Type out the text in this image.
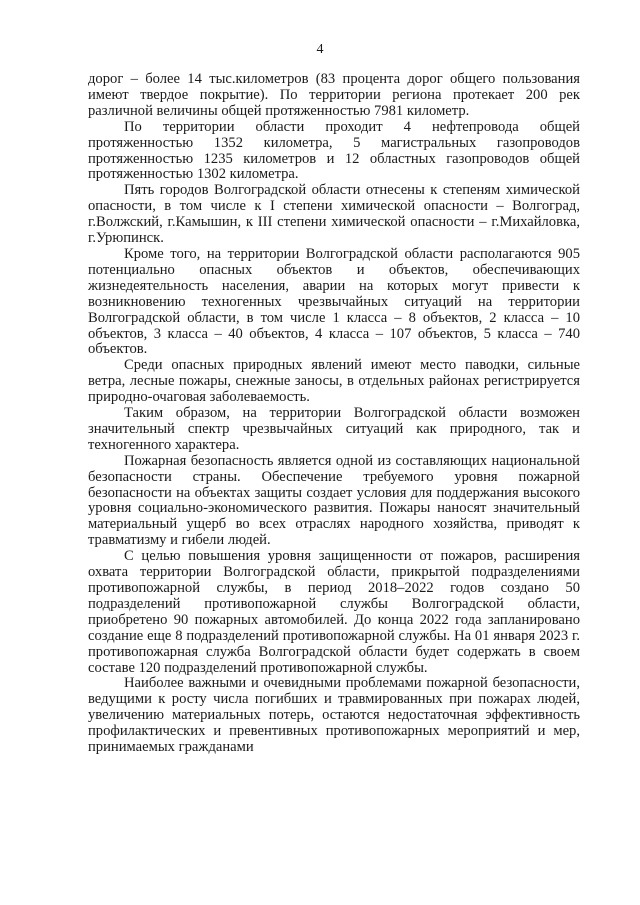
4

дорог – более 14 тыс.километров (83 процента дорог общего пользования имеют твердое покрытие). По территории региона протекает 200 рек различной величины общей протяженностью 7981 километр.

По территории области проходит 4 нефтепровода общей протяженностью 1352 километра, 5 магистральных газопроводов протяженностью 1235 километров и 12 областных газопроводов общей протяженностью 1302 километра.

Пять городов Волгоградской области отнесены к степеням химической опасности, в том числе к I степени химической опасности – Волгоград, г.Волжский, г.Камышин, к III степени химической опасности – г.Михайловка, г.Урюпинск.

Кроме того, на территории Волгоградской области располагаются 905 потенциально опасных объектов и объектов, обеспечивающих жизнедеятельность населения, аварии на которых могут привести к возникновению техногенных чрезвычайных ситуаций на территории Волгоградской области, в том числе 1 класса – 8 объектов, 2 класса – 10 объектов, 3 класса – 40 объектов, 4 класса – 107 объектов, 5 класса – 740 объектов.

Среди опасных природных явлений имеют место паводки, сильные ветра, лесные пожары, снежные заносы, в отдельных районах регистрируется природно-очаговая заболеваемость.

Таким образом, на территории Волгоградской области возможен значительный спектр чрезвычайных ситуаций как природного, так и техногенного характера.

Пожарная безопасность является одной из составляющих национальной безопасности страны. Обеспечение требуемого уровня пожарной безопасности на объектах защиты создает условия для поддержания высокого уровня социально-экономического развития. Пожары наносят значительный материальный ущерб во всех отраслях народного хозяйства, приводят к травматизму и гибели людей.

С целью повышения уровня защищенности от пожаров, расширения охвата территории Волгоградской области, прикрытой подразделениями противопожарной службы, в период 2018–2022 годов создано 50 подразделений противопожарной службы Волгоградской области, приобретено 90 пожарных автомобилей. До конца 2022 года запланировано создание еще 8 подразделений противопожарной службы. На 01 января 2023 г. противопожарная служба Волгоградской области будет содержать в своем составе 120 подразделений противопожарной службы.

Наиболее важными и очевидными проблемами пожарной безопасности, ведущими к росту числа погибших и травмированных при пожарах людей, увеличению материальных потерь, остаются недостаточная эффективность профилактических и превентивных противопожарных мероприятий и мер, принимаемых гражданами
